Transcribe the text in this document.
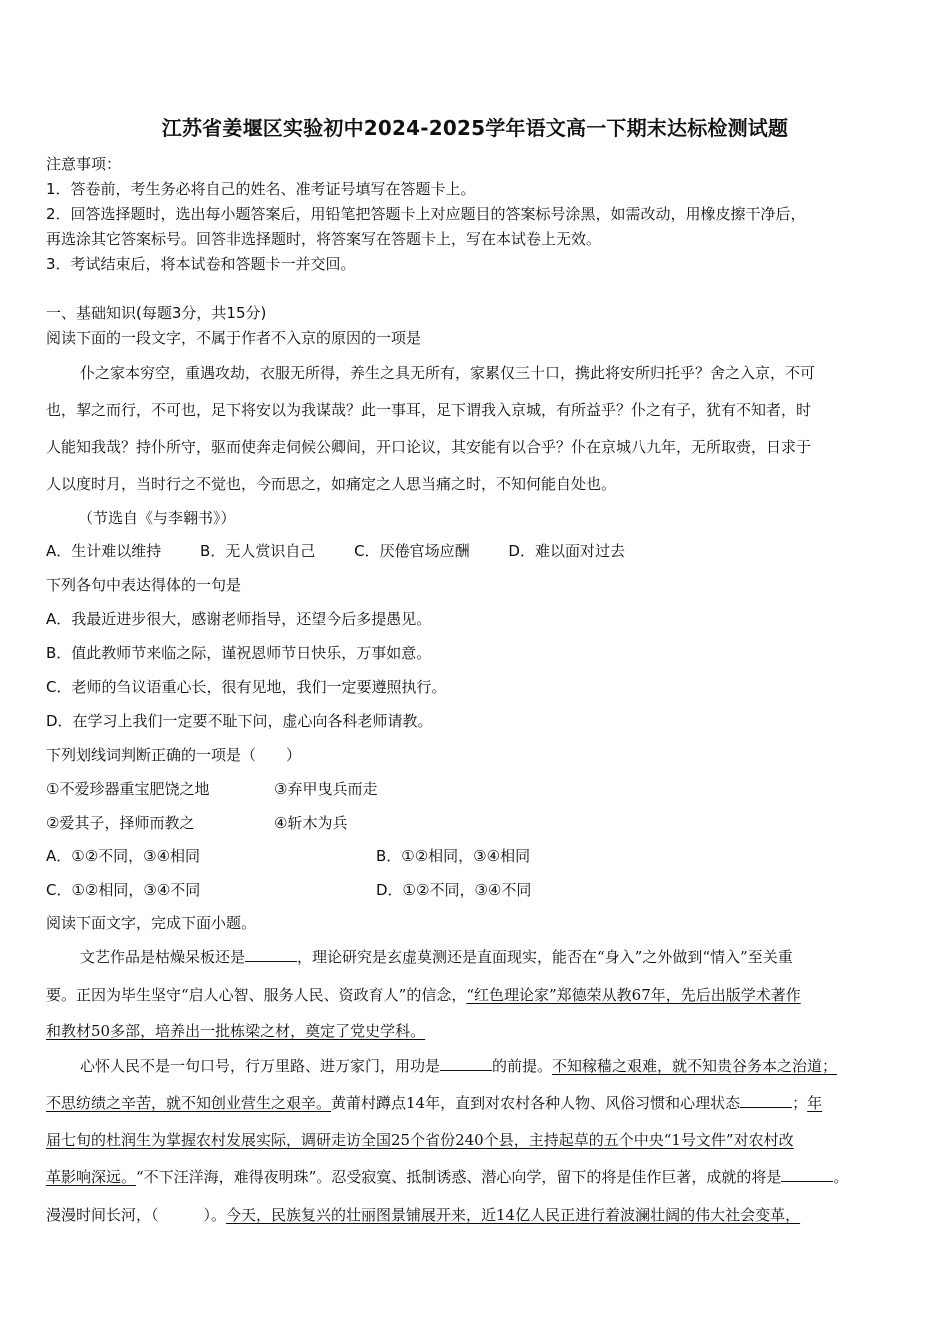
江苏省姜堰区实验初中2024-2025学年语文高一下期末达标检测试题
注意事项：
1．答卷前，考生务必将自己的姓名、准考证号填写在答题卡上。
2．回答选择题时，选出每小题答案后，用铅笔把答题卡上对应题目的答案标号涂黑，如需改动，用橡皮擦干净后，
再选涂其它答案标号。回答非选择题时，将答案写在答题卡上，写在本试卷上无效。
3．考试结束后，将本试卷和答题卡一并交回。
一、基础知识(每题3分，共15分)
阅读下面的一段文字，不属于作者不入京的原因的一项是
仆之家本穷空，重遇攻劫，衣服无所得，养生之具无所有，家累仅三十口，携此将安所归托乎？舍之入京，不可
也，挈之而行，不可也，足下将安以为我谋哉？此一事耳，足下谓我入京城，有所益乎？仆之有子，犹有不知者，时
人能知我哉？持仆所守，驱而使奔走伺候公卿间，开口论议，其安能有以合乎？仆在京城八九年，无所取赍，日求于
人以度时月，当时行之不觉也，今而思之，如痛定之人思当痛之时，不知何能自处也。
（节选自《与李翱书》）
A．生计难以维持	B．无人赏识自己	C．厌倦官场应酬	D．难以面对过去
下列各句中表达得体的一句是
A．我最近进步很大，感谢老师指导，还望今后多提愚见。
B．值此教师节来临之际，谨祝恩师节日快乐，万事如意。
C．老师的刍议语重心长，很有见地，我们一定要遵照执行。
D．在学习上我们一定要不耻下问，虚心向各科老师请教。
下列划线词判断正确的一项是（　　）
①不爱珍器重宝肥饶之地	③弃甲曳兵而走
②爱其子，择师而教之	④斩木为兵
A．①②不同，③④相同	B．①②相同，③④相同
C．①②相同，③④不同	D．①②不同，③④不同
阅读下面文字，完成下面小题。
文艺作品是枯燥呆板还是	，理论研究是玄虚莫测还是直面现实，能否在“身入”之外做到“情入”至关重
要。正因为毕生坚守“启人心智、服务人民、资政育人”的信念，“红色理论家”郑德荣从教67年，先后出版学术著作
和教材50多部，培养出一批栋梁之材，奠定了党史学科。
心怀人民不是一句口号，行万里路、进万家门，用功是	的前提。不知稼穑之艰难，就不知贵谷务本之治道；
不思纺绩之辛苦，就不知创业营生之艰辛。黄莆村蹲点14年，直到对农村各种人物、风俗习惯和心理状态	；年
届七旬的杜润生为掌握农村发展实际，调研走访全国25个省份240个县，主持起草的五个中央“1号文件”对农村改
革影响深远。“不下汪洋海，难得夜明珠”。忍受寂寞、抵制诱惑、潜心向学，留下的将是佳作巨著，成就的将是	。
漫漫时间长河，（　　　）。今天，民族复兴的壮丽图景铺展开来，近14亿人民正进行着波澜壮阔的伟大社会变革，
